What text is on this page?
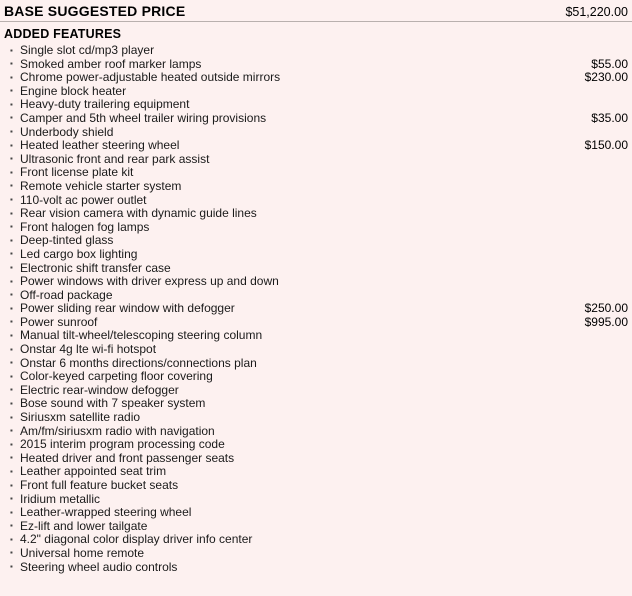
BASE SUGGESTED PRICE	$51,220.00
ADDED FEATURES
▪ Single slot cd/mp3 player
▪ Smoked amber roof marker lamps	$55.00
▪ Chrome power-adjustable heated outside mirrors	$230.00
▪ Engine block heater
▪ Heavy-duty trailering equipment
▪ Camper and 5th wheel trailer wiring provisions	$35.00
▪ Underbody shield
▪ Heated leather steering wheel	$150.00
▪ Ultrasonic front and rear park assist
▪ Front license plate kit
▪ Remote vehicle starter system
▪ 110-volt ac power outlet
▪ Rear vision camera with dynamic guide lines
▪ Front halogen fog lamps
▪ Deep-tinted glass
▪ Led cargo box lighting
▪ Electronic shift transfer case
▪ Power windows with driver express up and down
▪ Off-road package
▪ Power sliding rear window with defogger	$250.00
▪ Power sunroof	$995.00
▪ Manual tilt-wheel/telescoping steering column
▪ Onstar 4g lte wi-fi hotspot
▪ Onstar 6 months directions/connections plan
▪ Color-keyed carpeting floor covering
▪ Electric rear-window defogger
▪ Bose sound with 7 speaker system
▪ Siriusxm satellite radio
▪ Am/fm/siriusxm radio with navigation
▪ 2015 interim program processing code
▪ Heated driver and front passenger seats
▪ Leather appointed seat trim
▪ Front full feature bucket seats
▪ Iridium metallic
▪ Leather-wrapped steering wheel
▪ Ez-lift and lower tailgate
▪ 4.2" diagonal color display driver info center
▪ Universal home remote
▪ Steering wheel audio controls
